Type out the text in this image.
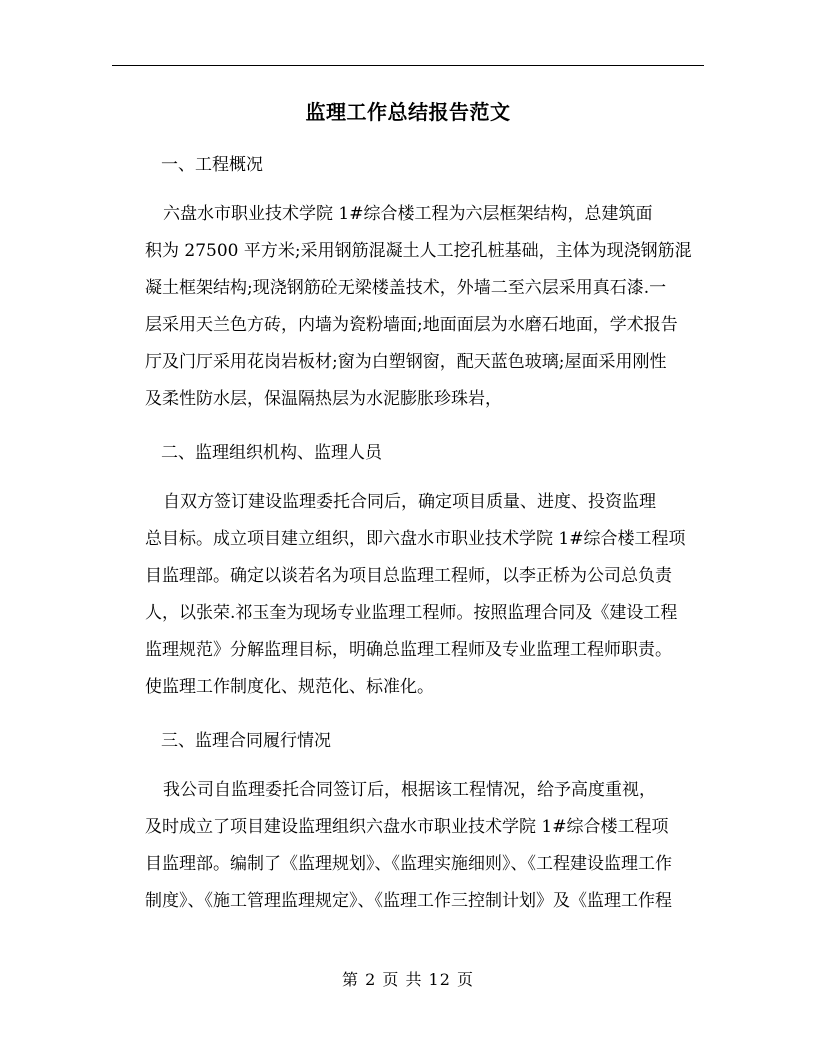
监理工作总结报告范文
一、工程概况
六盘水市职业技术学院 1#综合楼工程为六层框架结构，总建筑面
积为 27500 平方米;采用钢筋混凝土人工挖孔桩基础，主体为现浇钢筋混
凝土框架结构;现浇钢筋砼无梁楼盖技术，外墙二至六层采用真石漆.一
层采用天兰色方砖，内墙为瓷粉墙面;地面面层为水磨石地面，学术报告
厅及门厅采用花岗岩板材;窗为白塑钢窗，配天蓝色玻璃;屋面采用刚性
及柔性防水层，保温隔热层为水泥膨胀珍珠岩，
二、监理组织机构、监理人员
自双方签订建设监理委托合同后，确定项目质量、进度、投资监理
总目标。成立项目建立组织，即六盘水市职业技术学院 1#综合楼工程项
目监理部。确定以谈若名为项目总监理工程师，以李正桥为公司总负责
人，以张荣.祁玉奎为现场专业监理工程师。按照监理合同及《建设工程
监理规范》分解监理目标，明确总监理工程师及专业监理工程师职责。
使监理工作制度化、规范化、标准化。
三、监理合同履行情况
我公司自监理委托合同签订后，根据该工程情况，给予高度重视，
及时成立了项目建设监理组织六盘水市职业技术学院 1#综合楼工程项
目监理部。编制了《监理规划》、《监理实施细则》、《工程建设监理工作
制度》、《施工管理监理规定》、《监理工作三控制计划》及《监理工作程
第 2 页 共 12 页
